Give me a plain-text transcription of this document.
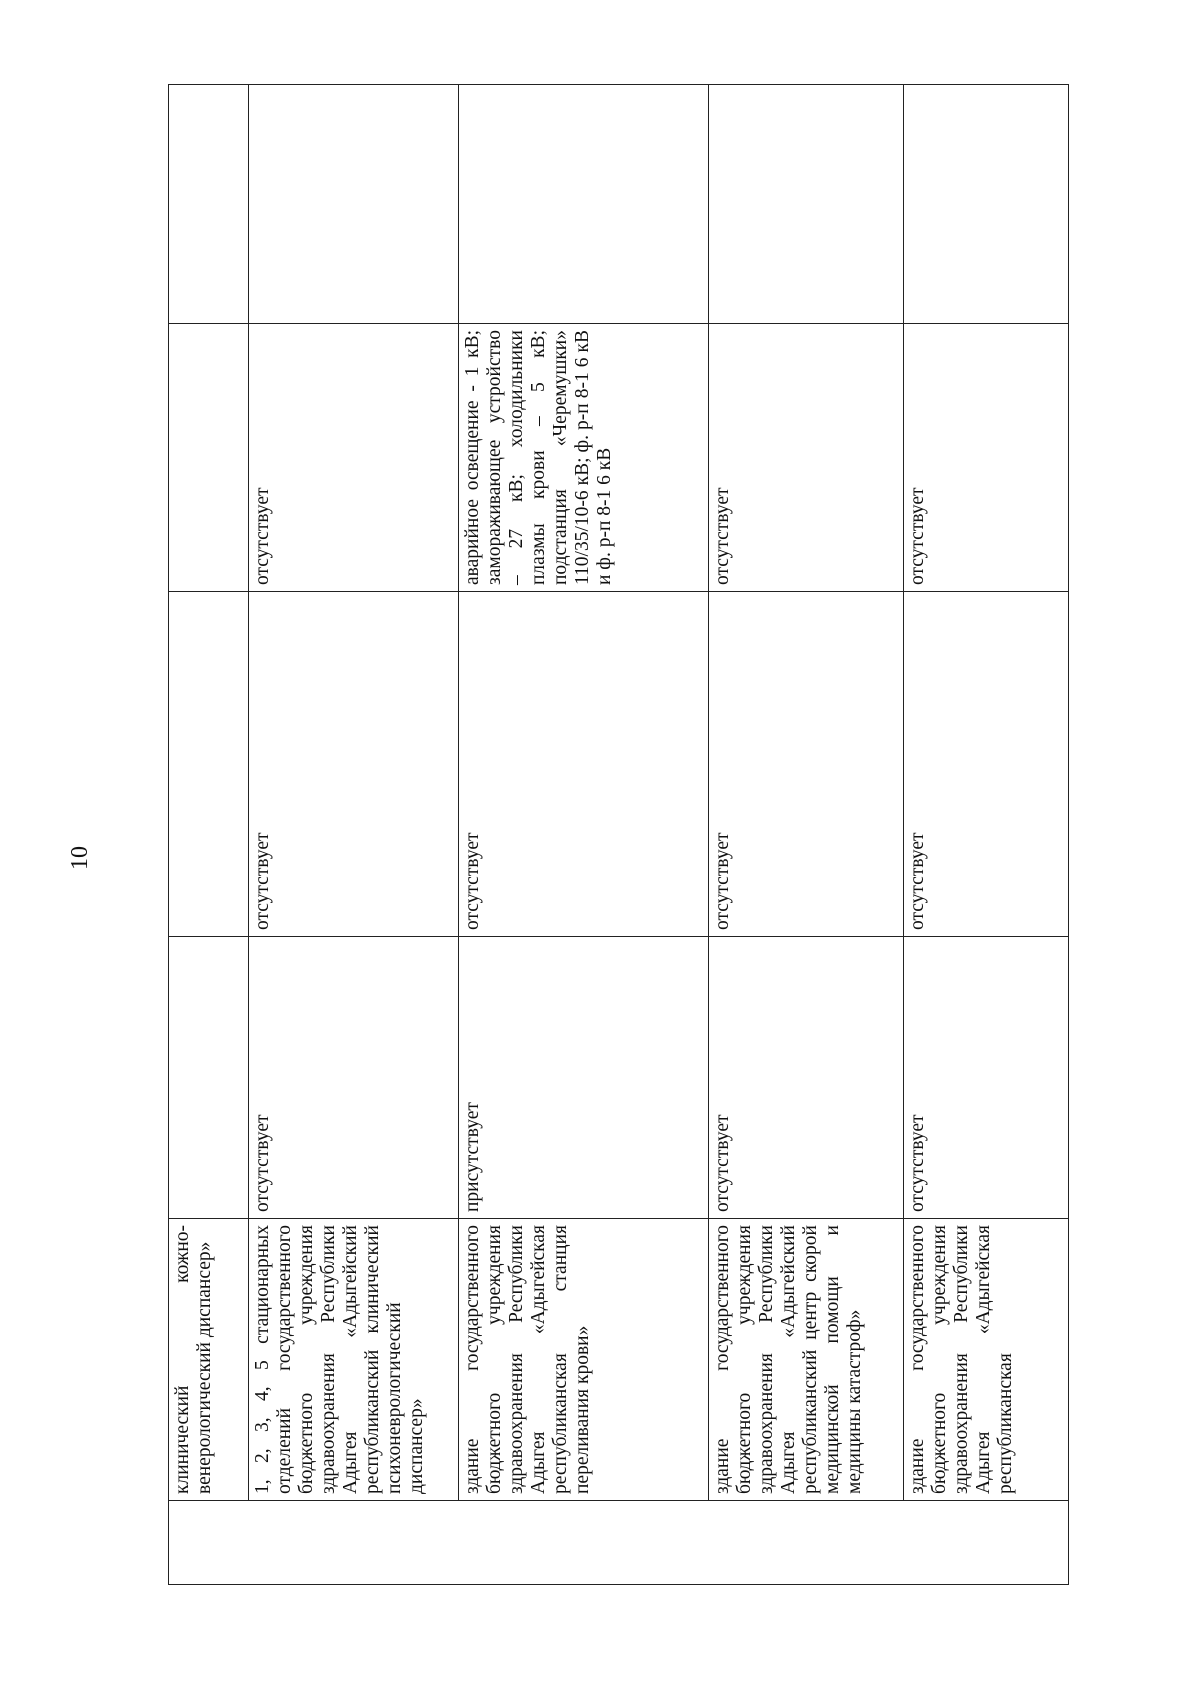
10
	клинический кожно-венерологический диспансер»				
	1, 2, 3, 4, 5 стационарных отделений государственного бюджетного учреждения здравоохранения Республики Адыгея «Адыгейский республиканский клинический психоневрологический диспансер»	отсутствует	отсутствует	отсутствует	
	здание государственного бюджетного учреждения здравоохранения Республики Адыгея «Адыгейская республиканская станция переливания крови»	присутствует	отсутствует	аварийное освещение - 1 кВ; замораживающее устройство – 27 кВ; холодильники плазмы крови – 5 кВ; подстанция «Черемушки» 110/35/10-6 кВ; ф. р-п 8-1 6 кВ и ф. р-п 8-1 6 кВ	
	здание государственного бюджетного учреждения здравоохранения Республики Адыгея «Адыгейский республиканский центр скорой медицинской помощи и медицины катастроф»	отсутствует	отсутствует	отсутствует	
	здание государственного бюджетного учреждения здравоохранения Республики Адыгея «Адыгейская республиканская	отсутствует	отсутствует	отсутствует	
